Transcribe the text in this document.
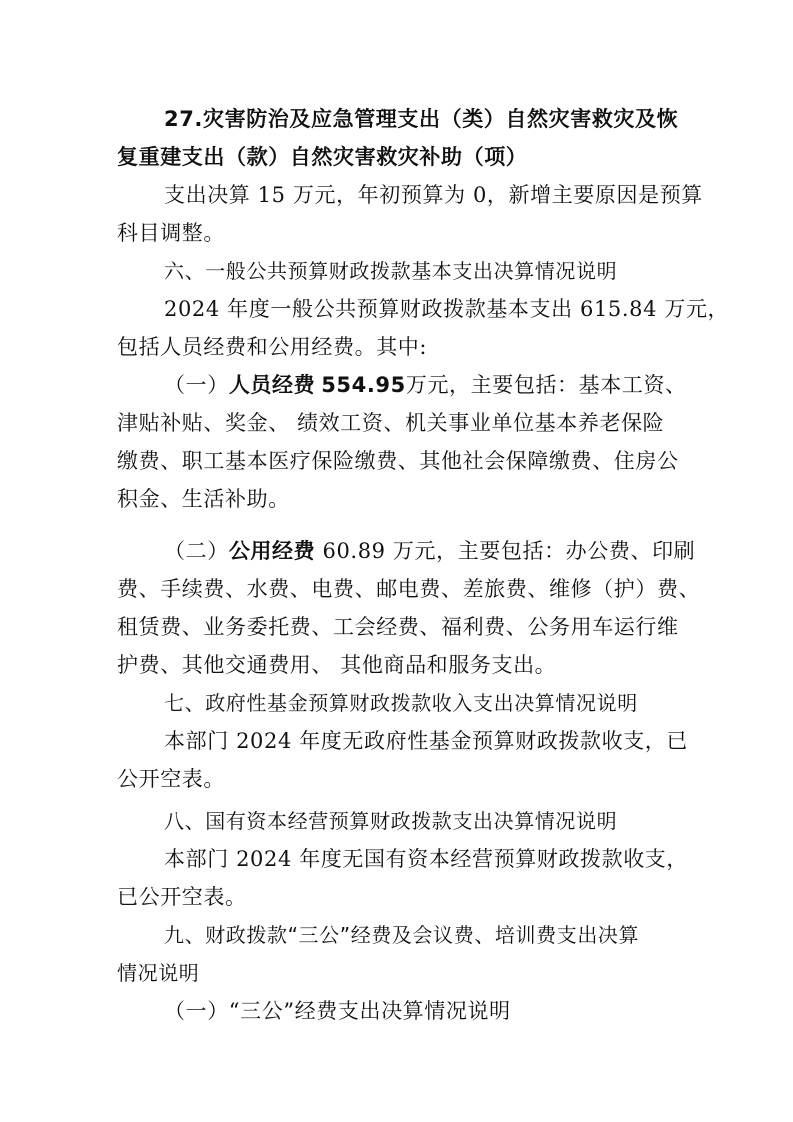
27.灾害防治及应急管理支出（类）自然灾害救灾及恢
复重建支出（款）自然灾害救灾补助（项）
支出决算 15 万元，年初预算为 0，新增主要原因是预算
科目调整。
六、一般公共预算财政拨款基本支出决算情况说明
2024 年度一般公共预算财政拨款基本支出 615.84 万元，
包括人员经费和公用经费。其中:
（一）人员经费 554.95万元，主要包括：基本工资、
津贴补贴、奖金、 绩效工资、机关事业单位基本养老保险
缴费、职工基本医疗保险缴费、其他社会保障缴费、住房公
积金、生活补助。
（二）公用经费 60.89 万元，主要包括：办公费、印刷
费、手续费、水费、电费、邮电费、差旅费、维修（护）费、
租赁费、业务委托费、工会经费、福利费、公务用车运行维
护费、其他交通费用、 其他商品和服务支出。
七、政府性基金预算财政拨款收入支出决算情况说明
本部门 2024 年度无政府性基金预算财政拨款收支，已
公开空表。
八、国有资本经营预算财政拨款支出决算情况说明
本部门 2024 年度无国有资本经营预算财政拨款收支，
已公开空表。
九、财政拨款“三公”经费及会议费、培训费支出决算
情况说明
（一）“三公”经费支出决算情况说明
